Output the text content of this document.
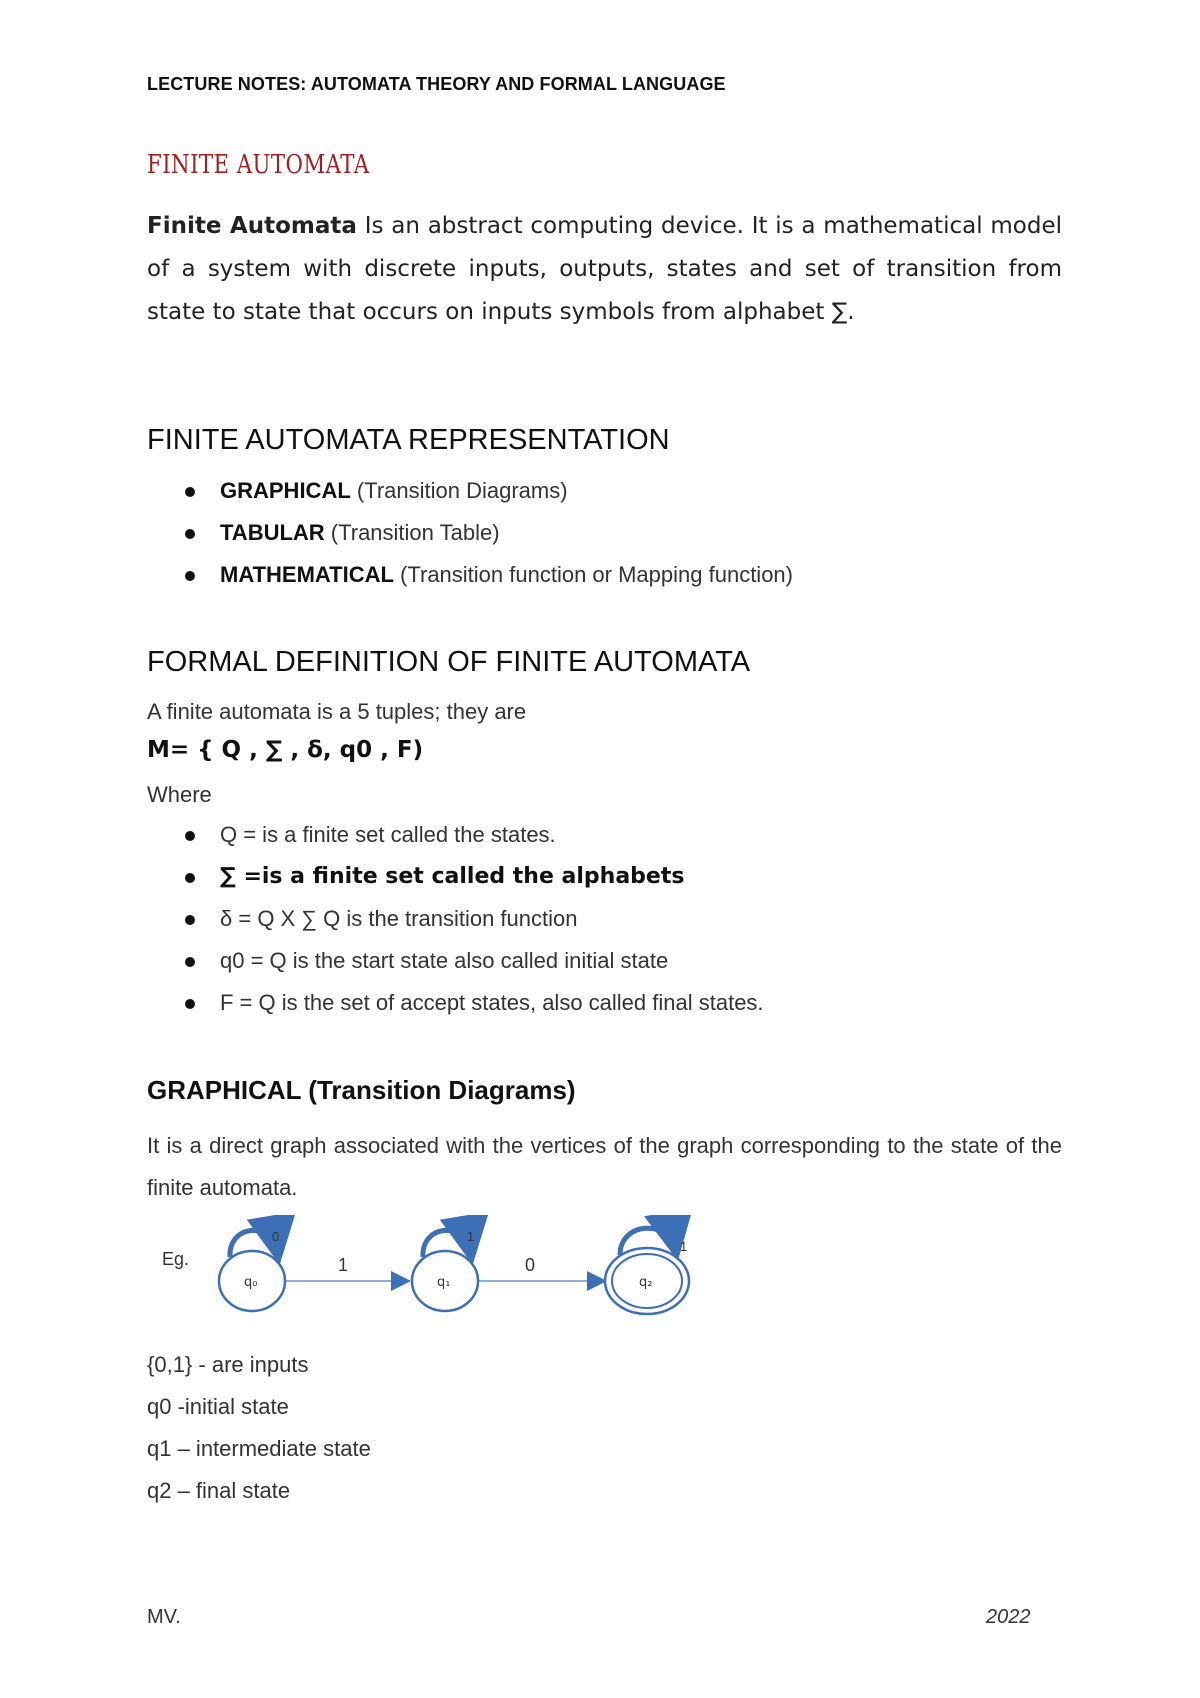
LECTURE NOTES: AUTOMATA THEORY AND FORMAL LANGUAGE
FINITE AUTOMATA
Finite Automata Is an abstract computing device. It is a mathematical model of a system with discrete inputs, outputs, states and set of transition from state to state that occurs on inputs symbols from alphabet ∑.
FINITE AUTOMATA REPRESENTATION
GRAPHICAL (Transition Diagrams)
TABULAR (Transition Table)
MATHEMATICAL (Transition function or Mapping function)
FORMAL DEFINITION OF FINITE AUTOMATA
A finite automata is a 5 tuples; they are
M= { Q , ∑ , δ, q0 , F)
Where
Q = is a finite set called the states.
∑ =is a finite set called the alphabets
δ = Q X ∑ Q is the transition function
q0 = Q is the start state also called initial state
F = Q is the set of accept states, also called final states.
GRAPHICAL (Transition Diagrams)
It is a direct graph associated with the vertices of the graph corresponding to the state of the finite automata.
Eg.	1	0
q₀
0
q₁
1
q₂
1
{0,1} - are inputs
q0 -initial state
q1 – intermediate state
q2 – final state
MV.	2022
